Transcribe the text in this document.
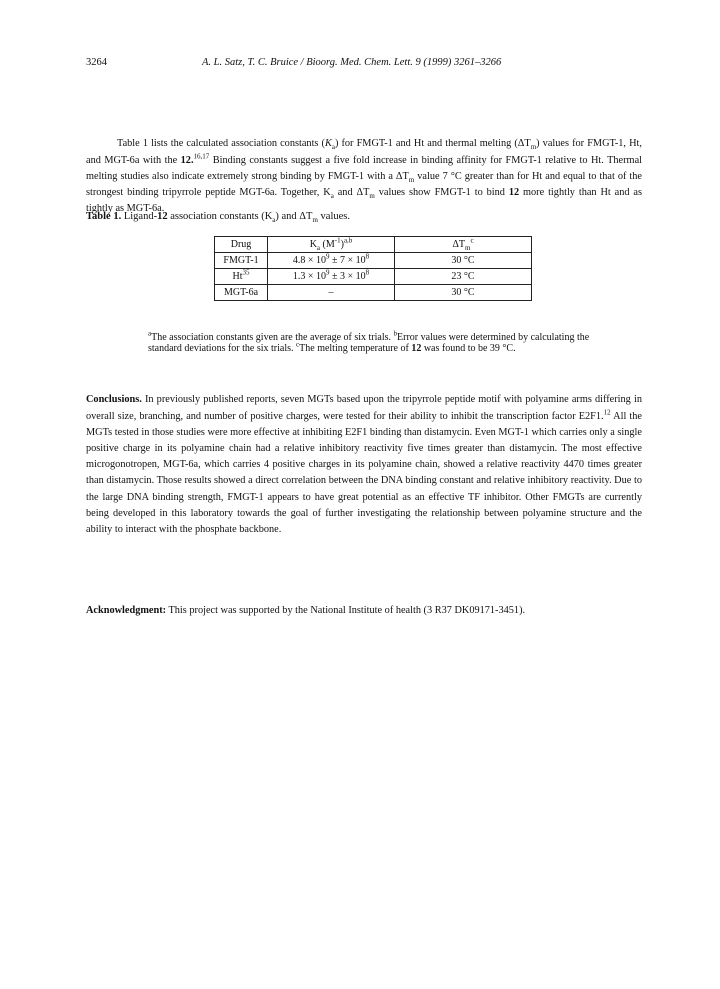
3264	A. L. Satz, T. C. Bruice / Bioorg. Med. Chem. Lett. 9 (1999) 3261–3266

Table 1 lists the calculated association constants $(K_a)$ for FMGT-1 and Ht and thermal melting $(\Delta T_m)$ values for FMGT-1, Ht, and MGT-6a with the 12.$^{16,17}$ Binding constants suggest a five fold increase in binding affinity for FMGT-1 relative to Ht. Thermal melting studies also indicate extremely strong binding by FMGT-1 with a $\Delta T_m$ value 7 °C greater than for Ht and equal to that of the strongest binding tripyrrole peptide MGT-6a. Together, $K_a$ and $\Delta T_m$ values show FMGT-1 to bind 12 more tightly than Ht and as tightly as MGT-6a.

Table 1. Ligand-12 association constants $(K_a)$ and $\Delta T_m$ values.
Drug	$K_a$ $(M^{-1})^{a,b}$	$\Delta T_m^c$
FMGT-1	$4.8 \times 10^9 \pm 7 \times 10^8$	30 °C
Ht$^{35}$	$1.3 \times 10^9 \pm 3 \times 10^8$	23 °C
MGT-6a	–	30 °C
$^a$The association constants given are the average of six trials. $^b$Error values were determined by calculating the standard deviations for the six trials. $^c$The melting temperature of 12 was found to be 39 °C.

Conclusions. In previously published reports, seven MGTs based upon the tripyrrole peptide motif with polyamine arms differing in overall size, branching, and number of positive charges, were tested for their ability to inhibit the transcription factor E2F1.12 All the MGTs tested in those studies were more effective at inhibiting E2F1 binding than distamycin. Even MGT-1 which carries only a single positive charge in its polyamine chain had a relative inhibitory reactivity five times greater than distamycin. The most effective microgonotropen, MGT-6a, which carries 4 positive charges in its polyamine chain, showed a relative reactivity 4470 times greater than distamycin. Those results showed a direct correlation between the DNA binding constant and relative inhibitory reactivity. Due to the large DNA binding strength, FMGT-1 appears to have great potential as an effective TF inhibitor. Other FMGTs are currently being developed in this laboratory towards the goal of further investigating the relationship between polyamine structure and the ability to interact with the phosphate backbone.

Acknowledgment: This project was supported by the National Institute of health (3 R37 DK09171-3451).
